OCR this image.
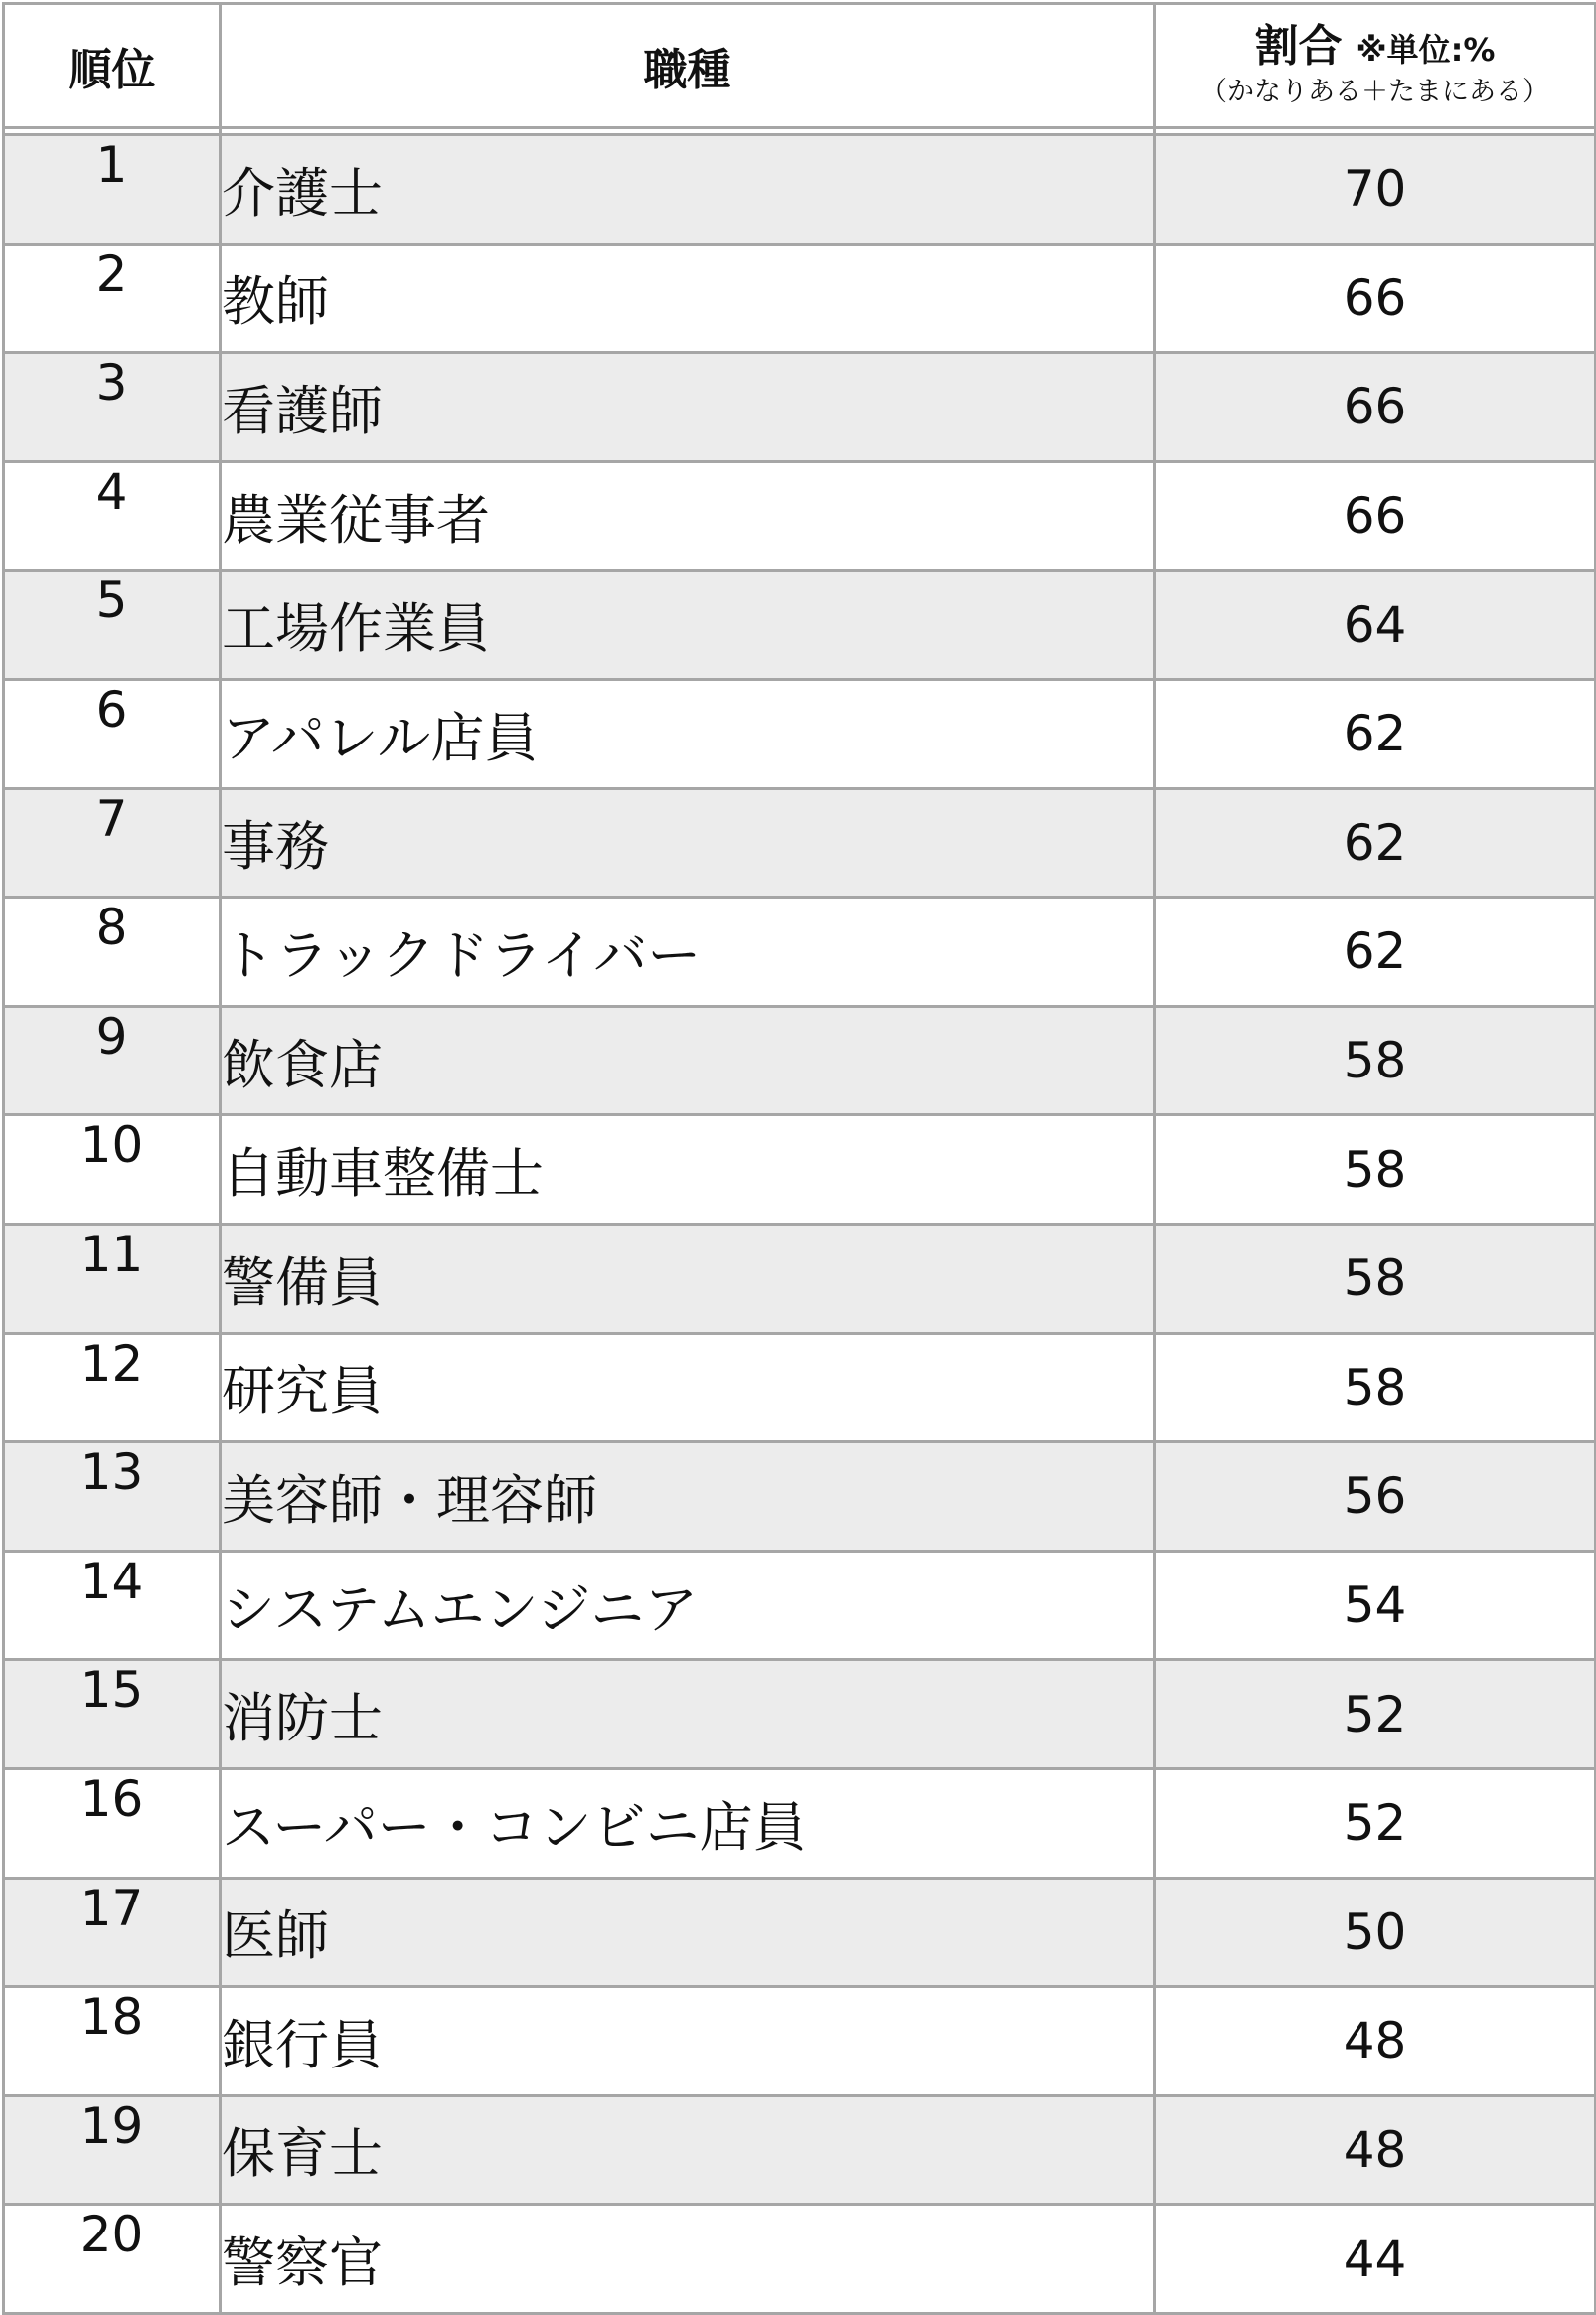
順位	職種	割合 ※単位:%
（かなりある＋たまにある）

1	介護士	70
2	教師	66
3	看護師	66
4	農業従事者	66
5	工場作業員	64
6	アパレル店員	62
7	事務	62
8	トラックドライバー	62
9	飲食店	58
10	自動車整備士	58
11	警備員	58
12	研究員	58
13	美容師・理容師	56
14	システムエンジニア	54
15	消防士	52
16	スーパー・コンビニ店員	52
17	医師	50
18	銀行員	48
19	保育士	48
20	警察官	44
